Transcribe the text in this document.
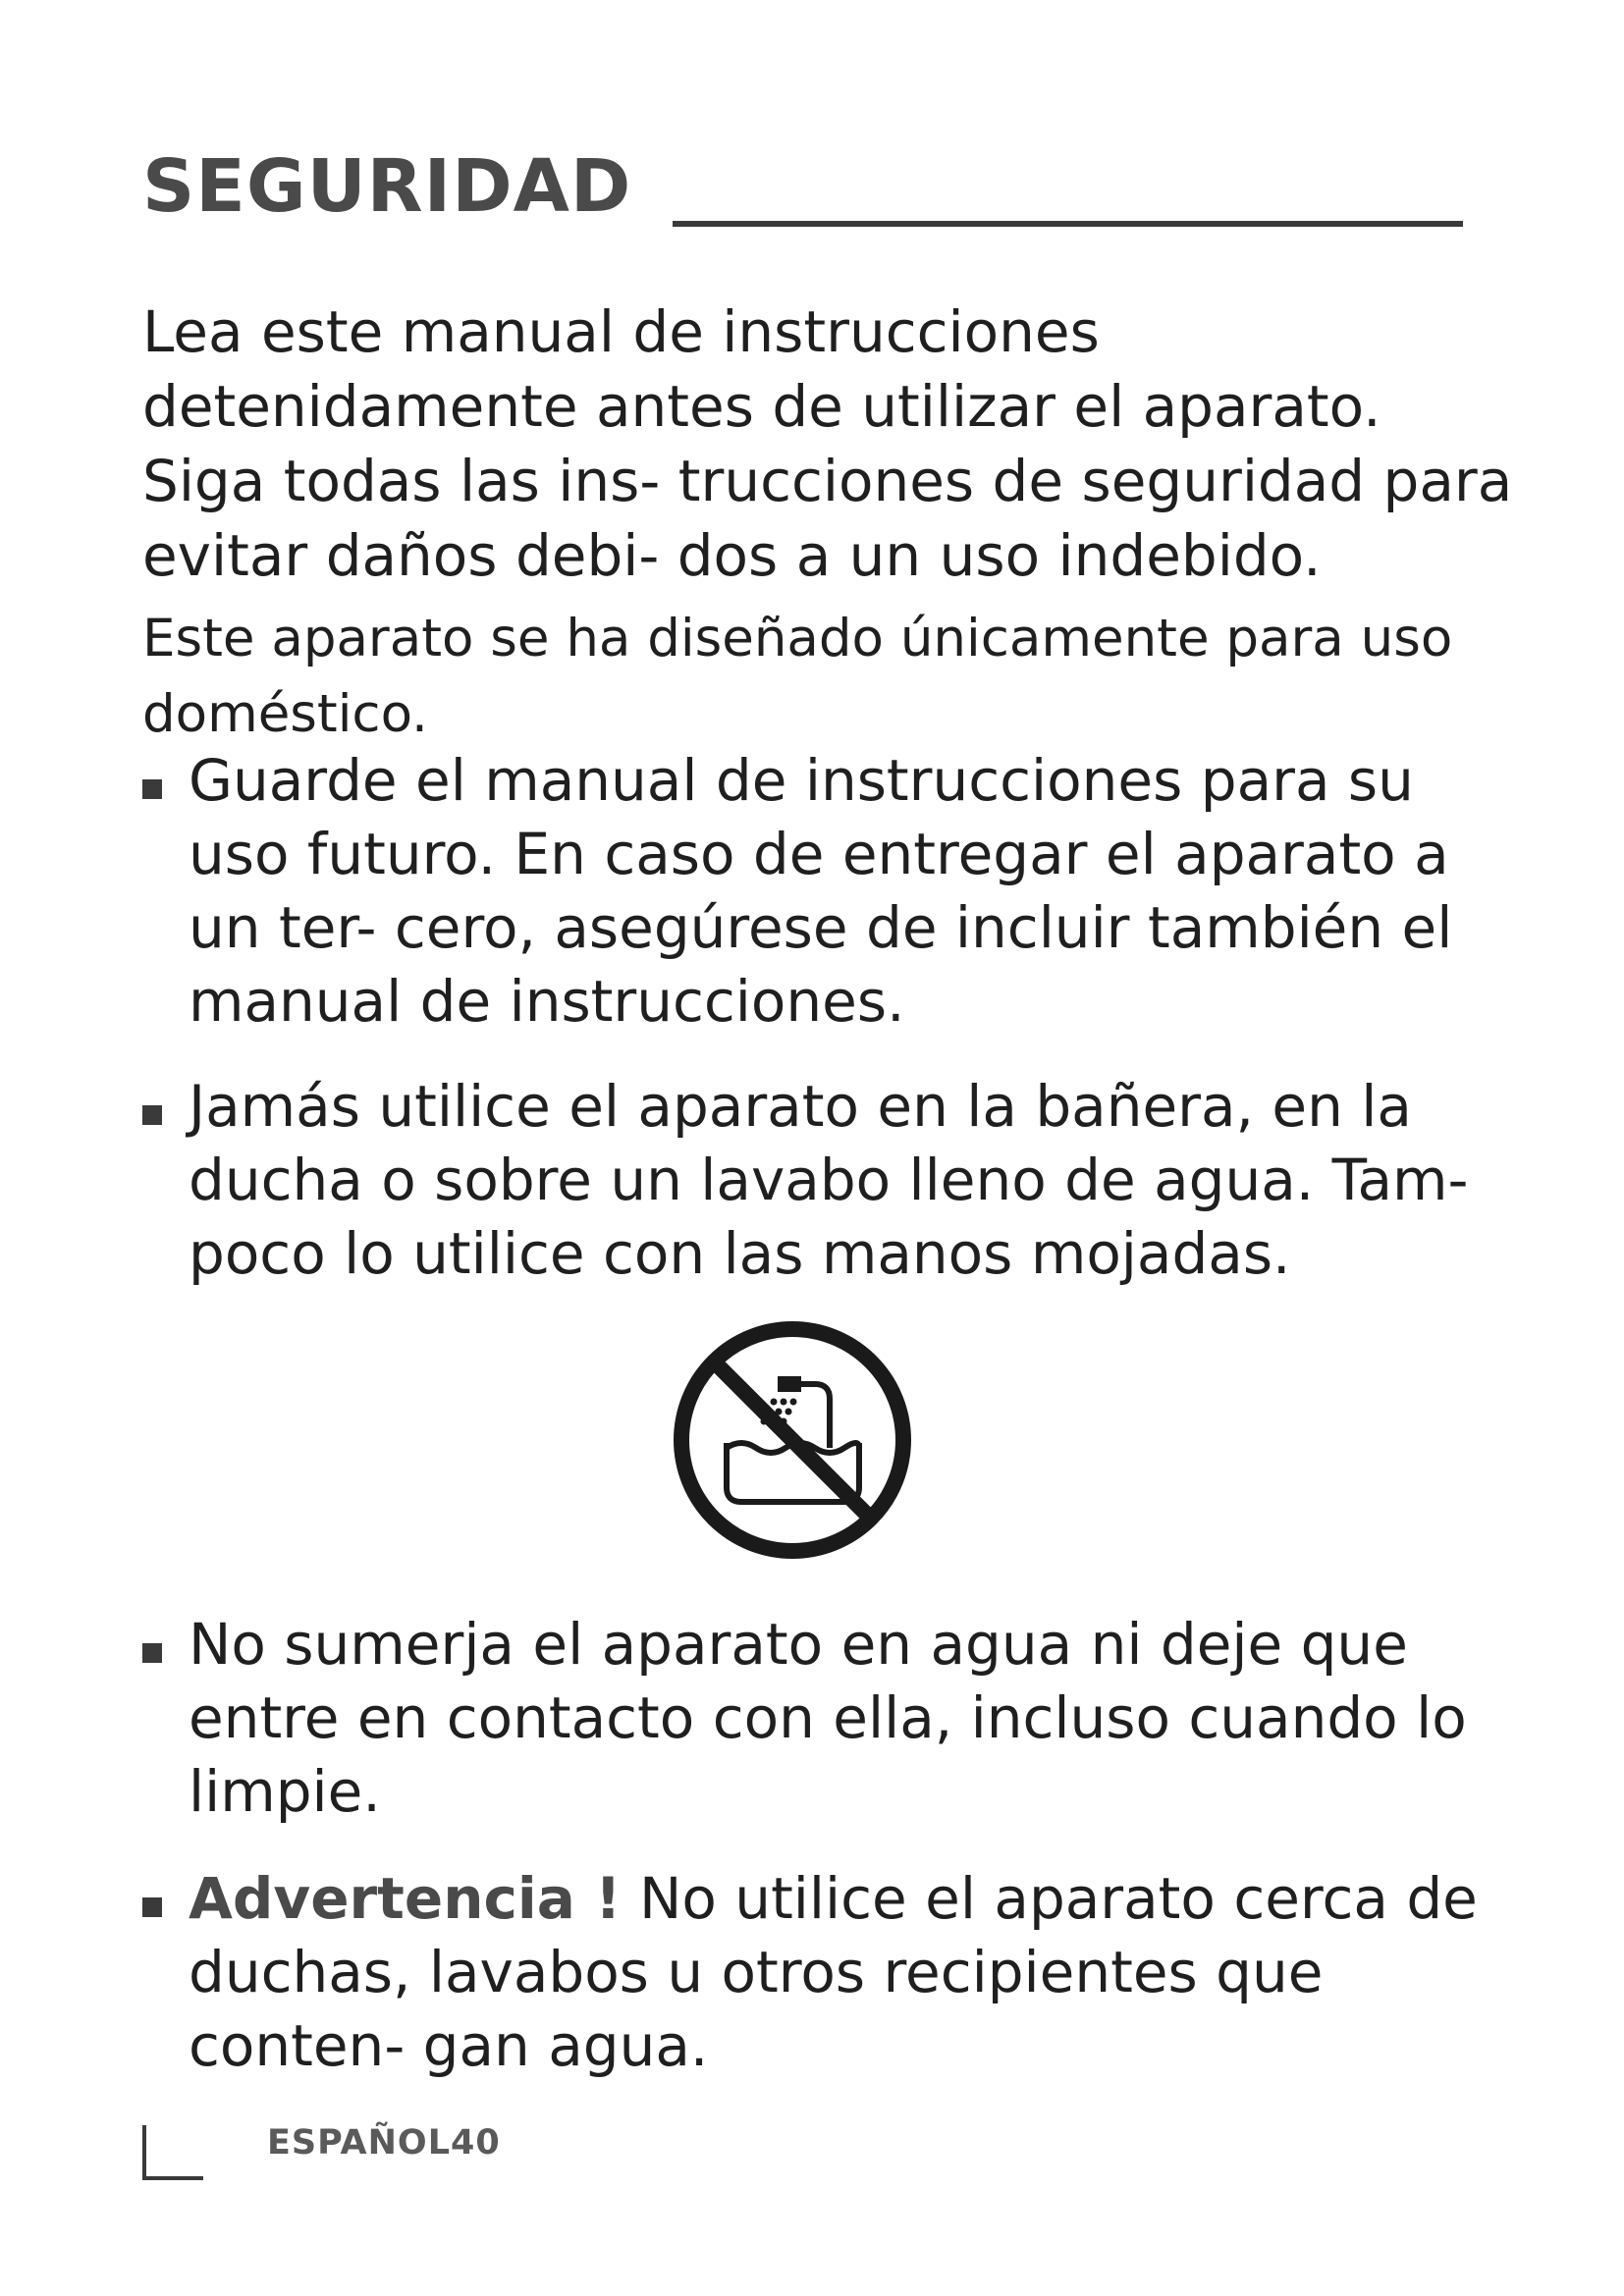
SEGURIDAD

Lea este manual de instrucciones detenidamente antes de utilizar el aparato. Siga todas las ins- trucciones de seguridad para evitar daños debi- dos a un uso indebido.

Este aparato se ha diseñado únicamente para uso doméstico.

Guarde el manual de instrucciones para su uso futuro. En caso de entregar el aparato a un ter- cero, asegúrese de incluir también el manual de instrucciones.
Jamás utilice el aparato en la bañera, en la ducha o sobre un lavabo lleno de agua. Tam- poco lo utilice con las manos mojadas.
No sumerja el aparato en agua ni deje que entre en contacto con ella, incluso cuando lo limpie.
Advertencia ! No utilice el aparato cerca de duchas, lavabos u otros recipientes que conten- gan agua.
ESPAÑOL40
